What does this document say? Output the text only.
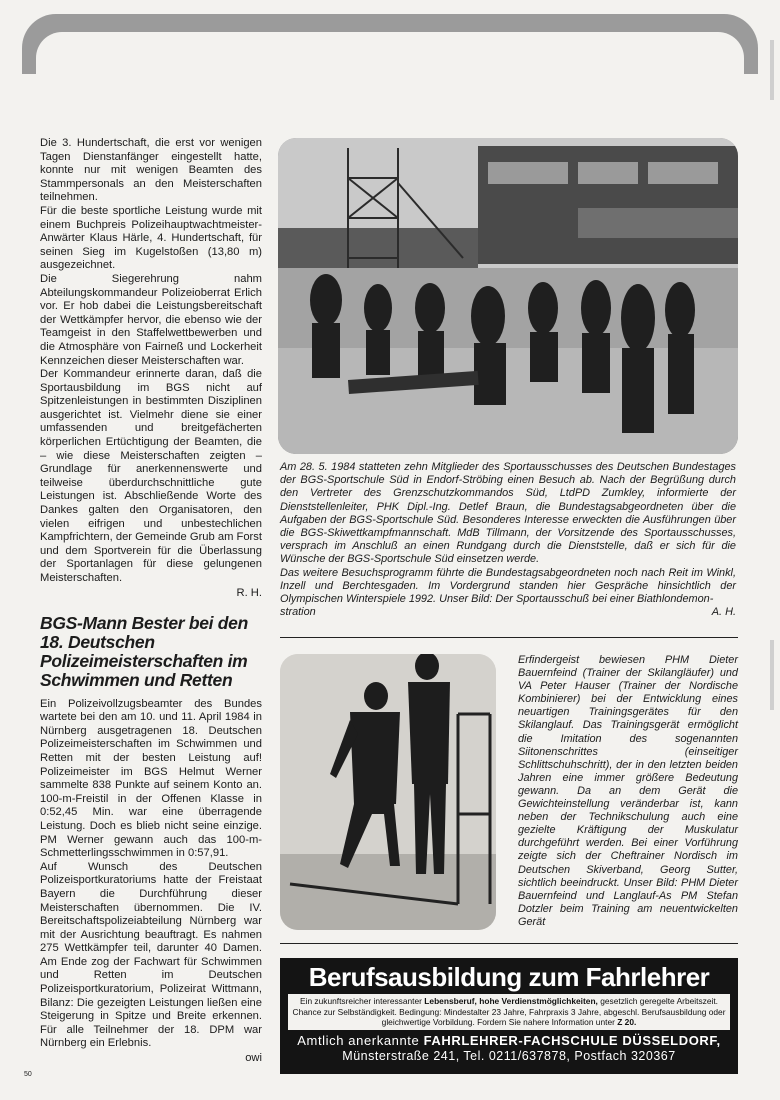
Die 3. Hundertschaft, die erst vor wenigen Tagen Dienstanfänger eingestellt hatte, konnte nur mit wenigen Beamten des Stammpersonals an den Meisterschaften teilnehmen.

Für die beste sportliche Leistung wurde mit einem Buchpreis Polizeihauptwachtmeister-Anwärter Klaus Härle, 4. Hundertschaft, für seinen Sieg im Kugelstoßen (13,80 m) ausgezeichnet.

Die Siegerehrung nahm Abteilungskommandeur Polizeioberrat Erlich vor. Er hob dabei die Leistungsbereitschaft der Wettkämpfer hervor, die ebenso wie der Teamgeist in den Staffelwettbewerben und die Atmosphäre von Fairneß und Lockerheit Kennzeichen dieser Meisterschaften war.

Der Kommandeur erinnerte daran, daß die Sportausbildung im BGS nicht auf Spitzenleistungen in bestimmten Disziplinen ausgerichtet ist. Vielmehr diene sie einer umfassenden und breitgefächerten körperlichen Ertüchtigung der Beamten, die – wie diese Meisterschaften zeigten – Grundlage für anerkennenswerte und teilweise überdurchschnittliche gute Leistungen ist. Abschließende Worte des Dankes galten den Organisatoren, den vielen eifrigen und unbestechlichen Kampfrichtern, der Gemeinde Grub am Forst und dem Sportverein für die Überlassung der Sportanlagen für diese gelungenen Meisterschaften.

R. H.
BGS-Mann Bester bei den 18. Deutschen Polizeimeisterschaften im Schwimmen und Retten

Ein Polizeivollzugsbeamter des Bundes wartete bei den am 10. und 11. April 1984 in Nürnberg ausgetragenen 18. Deutschen Polizeimeisterschaften im Schwimmen und Retten mit der besten Leistung auf! Polizeimeister im BGS Helmut Werner sammelte 838 Punkte auf seinem Konto an. 100-m-Freistil in der Offenen Klasse in 0:52,45 Min. war eine überragende Leistung. Doch es blieb nicht seine einzige. PM Werner gewann auch das 100-m-Schmetterlingsschwimmen in 0:57,91.

Auf Wunsch des Deutschen Polizeisportkuratoriums hatte der Freistaat Bayern die Durchführung dieser Meisterschaften übernommen. Die IV. Bereitschaftspolizeiabteilung Nürnberg war mit der Ausrichtung beauftragt. Es nahmen 275 Wettkämpfer teil, darunter 40 Damen. Am Ende zog der Fachwart für Schwimmen und Retten im Deutschen Polizeisportkuratorium, Polizeirat Wittmann, Bilanz: Die gezeigten Leistungen ließen eine Steigerung in Spitze und Breite erkennen. Für alle Teilnehmer der 18. DPM war Nürnberg ein Erlebnis.

owi
50
Am 28. 5. 1984 statteten zehn Mitglieder des Sportausschusses des Deutschen Bundestages der BGS-Sportschule Süd in Endorf-Ströbing einen Besuch ab. Nach der Begrüßung durch den Vertreter des Grenzschutzkommandos Süd, LtdPD Zumkley, informierte der Dienststellenleiter, PHK Dipl.-Ing. Detlef Braun, die Bundestagsabgeordneten über die Aufgaben der BGS-Sportschule Süd. Besonderes Interesse erweckten die Ausführungen über die BGS-Skiwettkampfmannschaft. MdB Tillmann, der Vorsitzende des Sportausschusses, versprach im Anschluß an einen Rundgang durch die Dienststelle, daß er sich für die Wünsche der BGS-Sportschule Süd einsetzen werde.
Das weitere Besuchsprogramm führte die Bundestagsabgeordneten noch nach Reit im Winkl, Inzell und Berchtesgaden. Im Vordergrund standen hier Gespräche hinsichtlich der Olympischen Winterspiele 1992. Unser Bild: Der Sportausschuß bei einer Biathlondemon-
stration	A. H.
Erfindergeist bewiesen PHM Dieter Bauernfeind (Trainer der Skilangläufer) und VA Peter Hauser (Trainer der Nordische Kombinierer) bei der Entwicklung eines neuartigen Trainingsgerätes für den Skilanglauf. Das Trainingsgerät ermöglicht die Imitation des sogenannten Siitonenschrittes (einseitiger Schlittschuhschritt), der in den letzten beiden Jahren eine immer größere Bedeutung gewann. Da an dem Gerät die Gewichteinstellung veränderbar ist, kann neben der Technikschulung auch eine gezielte Kräftigung der Muskulatur durchgeführt werden. Bei einer Vorführung zeigte sich der Cheftrainer Nordisch im Deutschen Skiverband, Georg Sutter, sichtlich beeindruckt. Unser Bild: PHM Dieter Bauernfeind und Langlauf-As PM Stefan Dotzler beim Training am neuentwickelten Gerät
Berufsausbildung zum Fahrlehrer
Ein zukunftsreicher interessanter Lebensberuf, hohe Verdienstmöglichkeiten, gesetzlich geregelte Arbeitszeit. Chance zur Selbständigkeit. Bedingung: Mindestalter 23 Jahre, Fahrpraxis 3 Jahre, abgeschl. Berufsausbildung oder gleichwertige Vorbildung. Fordern Sie nahere Information unter Z 20.
Amtlich anerkannte FAHRLEHRER-FACHSCHULE DÜSSELDORF,
Münsterstraße 241, Tel. 0211/637878, Postfach 320367
